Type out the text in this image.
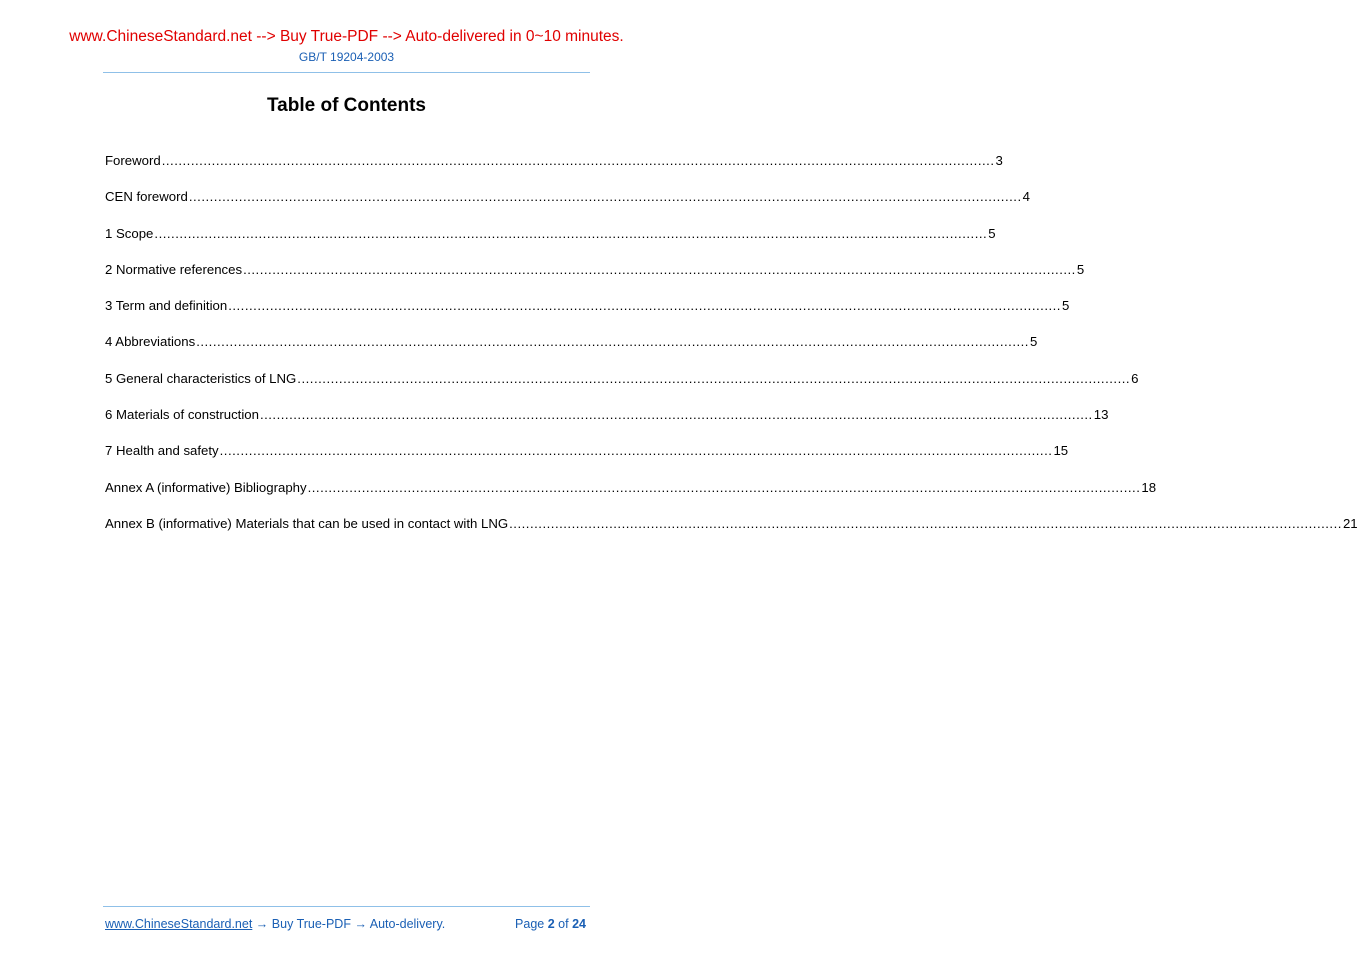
www.ChineseStandard.net --> Buy True-PDF --> Auto-delivered in 0~10 minutes.
GB/T 19204-2003
Table of Contents
Foreword ........................................................................................................................................................................................................ 3
CEN foreword ........................................................................................................................................................................................................ 4
1 Scope ........................................................................................................................................................................................................ 5
2 Normative references ........................................................................................................................................................................................................ 5
3 Term and definition ........................................................................................................................................................................................................ 5
4 Abbreviations ........................................................................................................................................................................................................ 5
5 General characteristics of LNG ........................................................................................................................................................................................................ 6
6 Materials of construction ........................................................................................................................................................................................................ 13
7 Health and safety ........................................................................................................................................................................................................ 15
Annex A (informative) Bibliography ........................................................................................................................................................................................................ 18
Annex B (informative) Materials that can be used in contact with LNG ........................................................................................................................................................................................................ 21
www.ChineseStandard.net → Buy True-PDF → Auto-delivery.	Page 2 of 24
